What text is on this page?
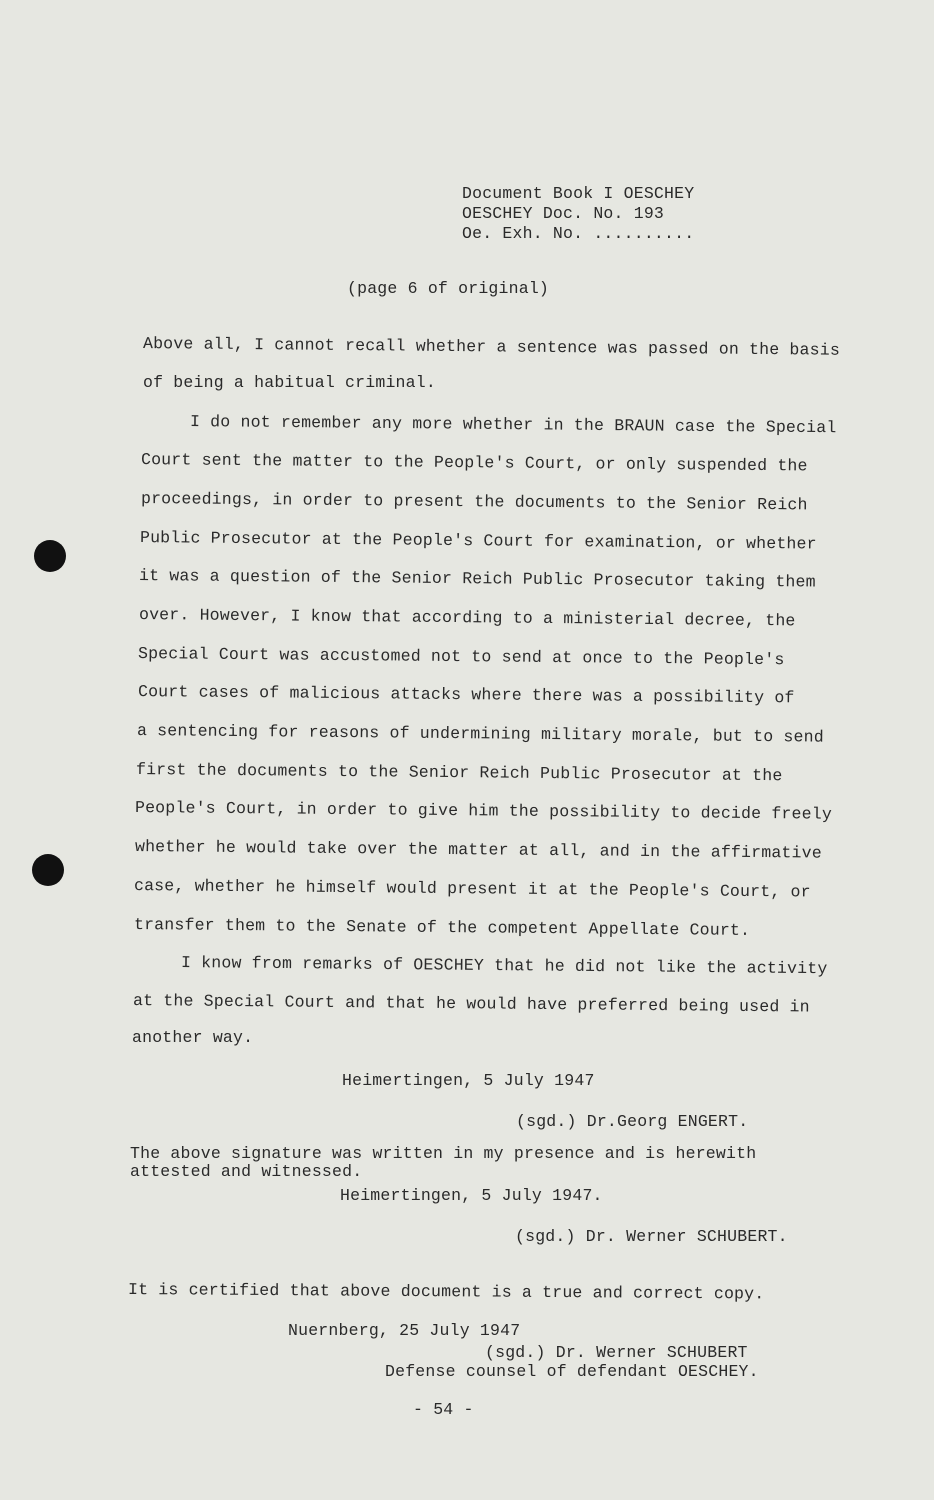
Document Book I OESCHEY
OESCHEY Doc. No. 193
Oe. Exh. No. ..........
(page 6 of original)
Above all, I cannot recall whether a sentence was passed on the basis
of being a habitual criminal.
I do not remember any more whether in the BRAUN case the Special
Court sent the matter to the People's Court, or only suspended the
proceedings, in order to present the documents to the Senior Reich
Public Prosecutor at the People's Court for examination, or whether
it was a question of the Senior Reich Public Prosecutor taking them
over. However, I know that according to a ministerial decree, the
Special Court was accustomed not to send at once to the People's
Court cases of malicious attacks where there was a possibility of
a sentencing for reasons of undermining military morale, but to send
first the documents to the Senior Reich Public Prosecutor at the
People's Court, in order to give him the possibility to decide freely
whether he would take over the matter at all, and in the affirmative
case, whether he himself would present it at the People's Court, or
transfer them to the Senate of the competent Appellate Court.
I know from remarks of OESCHEY that he did not like the activity
at the Special Court and that he would have preferred being used in
another way.
Heimertingen, 5 July 1947
(sgd.) Dr.Georg ENGERT.
The above signature was written in my presence and is herewith
attested and witnessed.
Heimertingen, 5 July 1947.
(sgd.) Dr. Werner SCHUBERT.
It is certified that above document is a true and correct copy.
Nuernberg, 25 July 1947
(sgd.) Dr. Werner SCHUBERT
Defense counsel of defendant OESCHEY.
- 54 -
